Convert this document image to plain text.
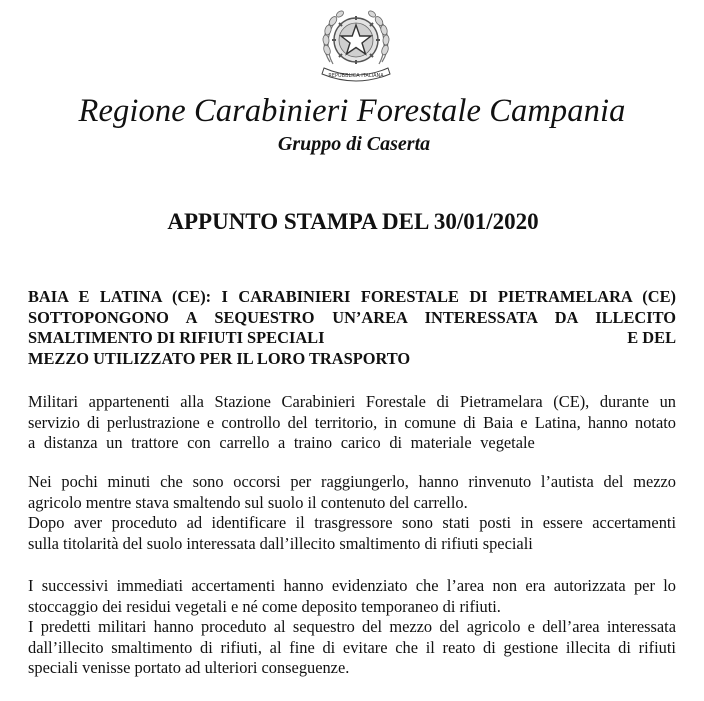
REPUBBLICA ITALIANA
Regione Carabinieri Forestale Campania
Gruppo di Caserta
APPUNTO STAMPA DEL 30/01/2020
BAIA E LATINA (CE): I CARABINIERI FORESTALE DI PIETRAMELARA (CE)
SOTTOPONGONO A SEQUESTRO UN’AREA INTERESSATA DA ILLECITO
SMALTIMENTO DI RIFIUTI SPECIALI	E DEL
MEZZO UTILIZZATO PER IL LORO TRASPORTO
Militari appartenenti alla Stazione Carabinieri Forestale di Pietramelara (CE), durante un
servizio di perlustrazione e controllo del territorio, in comune di Baia e Latina, hanno notato
a distanza un trattore con carrello a traino carico di materiale vegetale
Nei pochi minuti che sono occorsi per raggiungerlo, hanno rinvenuto l’autista del mezzo
agricolo mentre stava smaltendo sul suolo il contenuto del carrello.
Dopo aver proceduto ad identificare il trasgressore sono stati posti in essere accertamenti
sulla titolarità del suolo interessata dall’illecito smaltimento di rifiuti speciali
I successivi immediati accertamenti hanno evidenziato che l’area non era autorizzata per lo
stoccaggio dei residui vegetali e né come deposito temporaneo di rifiuti.
I predetti militari hanno proceduto al sequestro del mezzo del agricolo e dell’area interessata
dall’illecito smaltimento di rifiuti, al fine di evitare che il reato di gestione illecita di rifiuti
speciali venisse portato ad ulteriori conseguenze.
